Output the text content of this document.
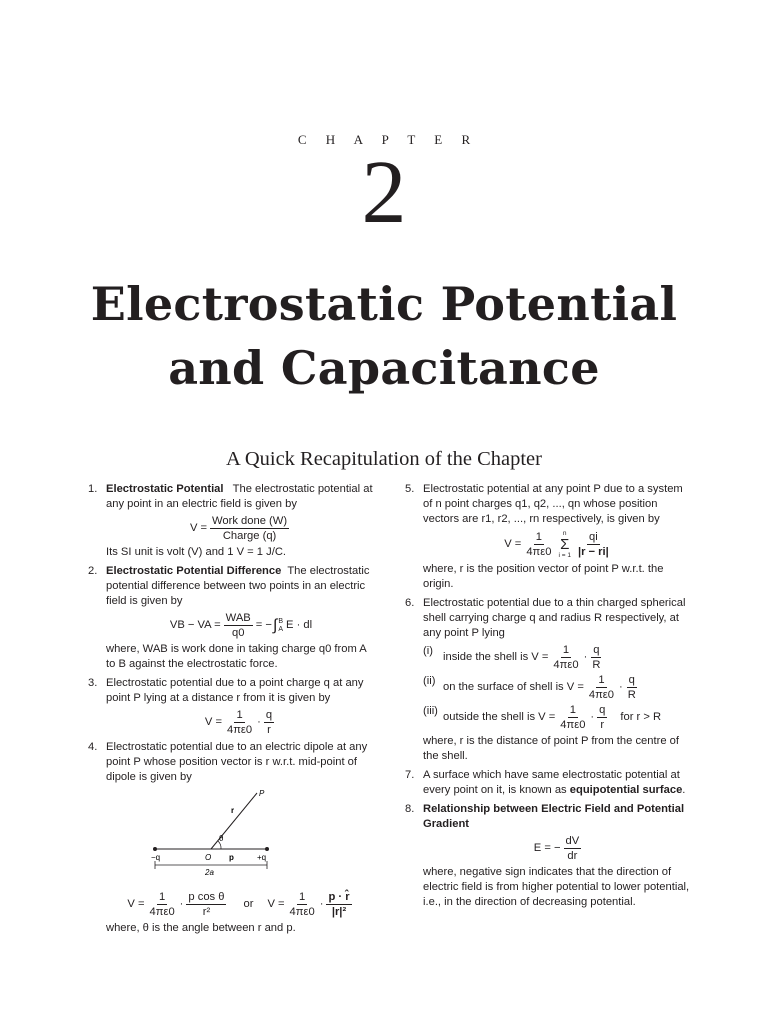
C H A P T E R
2
Electrostatic Potential
and Capacitance
A Quick Recapitulation of the Chapter
1. Electrostatic Potential The electrostatic potential at any point in an electric field is given by
$V = \frac{\text{Work done (W)}}{\text{Charge (q)}}$
Its SI unit is volt (V) and 1 V = 1 J/C.
2. Electrostatic Potential Difference The electrostatic potential difference between two points in an electric field is given by
VB − VA = $\frac{\text{WAB}}{q0}$ = − ∫ B
A E · dl
where, WAB is work done in taking charge q0 from A to B against the electrostatic force.
3. Electrostatic potential due to a point charge q at any point P lying at a distance r from it is given by
$V = \frac{1}{4\pi\varepsilon 0} \cdot \frac{q}{r}$
4. Electrostatic potential due to an electric dipole at any point P whose position vector is r w.r.t. mid-point of dipole is given by
P
r
θ
−q	O p	+q
2a
$V = \frac{1}{4\pi\varepsilon 0} \cdot \frac{\text{p cos θ}}{\text{r²}}$ or $V = \frac{1}{4\pi\varepsilon 0} \cdot \frac{p \cdot r̂}{\text{|r|²}}$
where, θ is the angle between r and p.
5. Electrostatic potential at any point P due to a system of n point charges q1, q2, ..., qn whose position vectors are r1, r2, ..., rn respectively, is given by
$V = \frac{1}{4\pi\varepsilon 0}$ n
Σ
$i = 1 \frac{qi}{|r - ri|}$
where, r is the position vector of point P w.r.t. the origin.
6. Electrostatic potential due to a thin charged spherical shell carrying charge q and radius R respectively, at any point P lying
(i) inside the shell is $V = \frac{1}{4\pi\varepsilon 0} \cdot \frac{q}{R}$
(ii) on the surface of shell is $V = \frac{1}{4\pi\varepsilon 0} \cdot \frac{q}{R}$
(iii) outside the shell is $V = \frac{1}{4\pi\varepsilon 0} \cdot \frac{q}{r}$ for r > R
where, r is the distance of point P from the centre of the shell.
7. A surface which have same electrostatic potential at every point on it, is known as equipotential surface.
8. Relationship between Electric Field and Potential Gradient
E = − $\frac{dV}{dr}$
where, negative sign indicates that the direction of electric field is from higher potential to lower potential, i.e., in the direction of decreasing potential.
